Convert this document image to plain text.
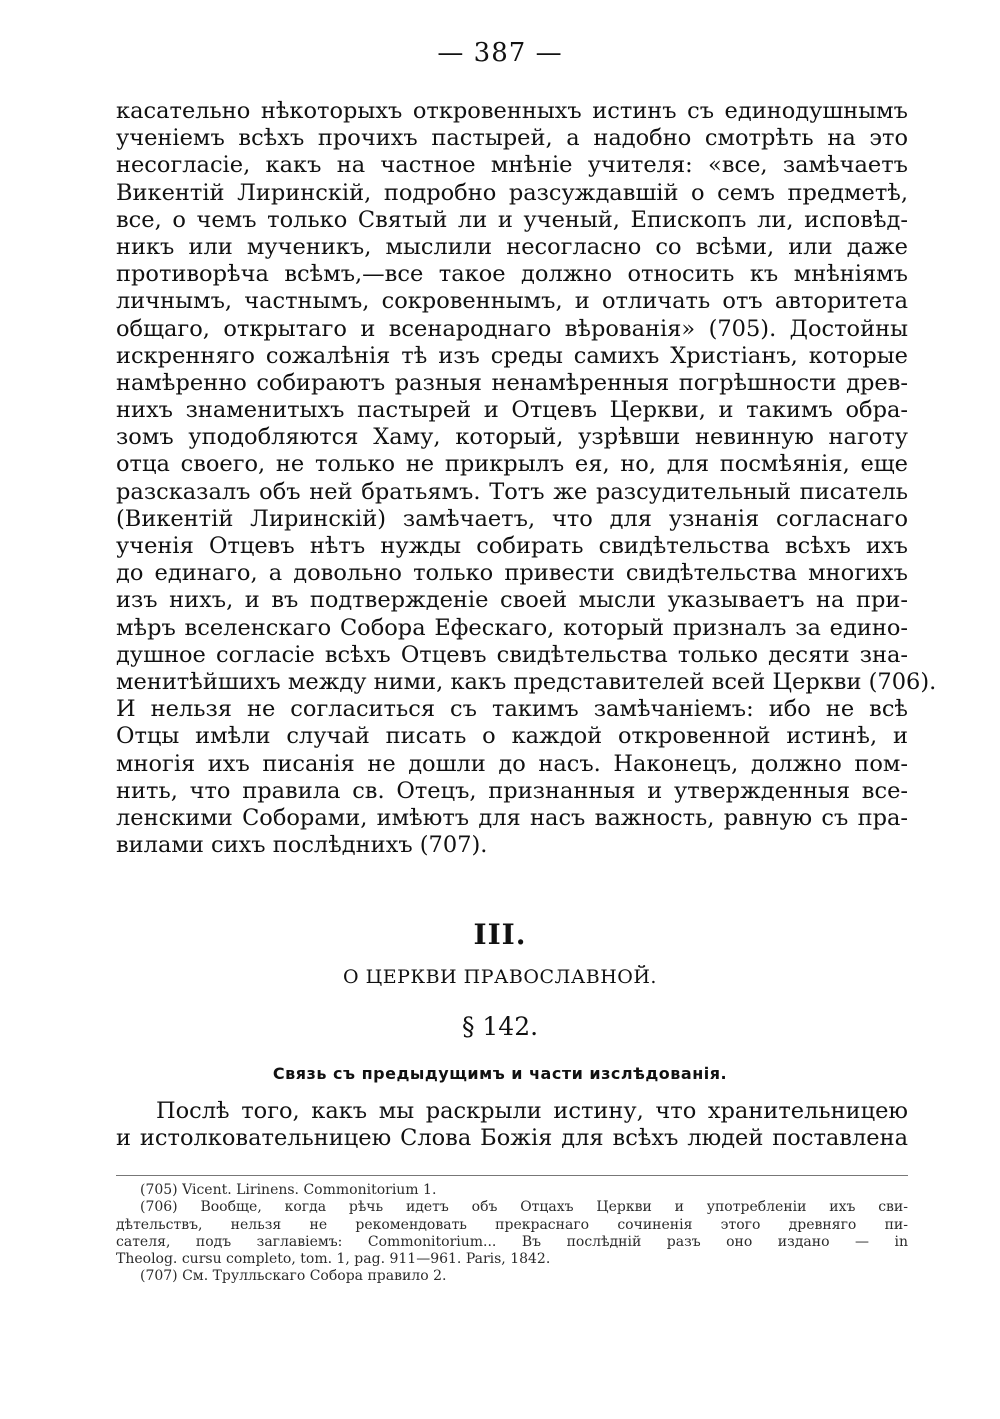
— 387 —
касательно нѣкоторыхъ откровенныхъ истинъ съ единодушнымъ
ученіемъ всѣхъ прочихъ пастырей, а надобно смотрѣть на это
несогласіе, какъ на частное мнѣніе учителя: «все, замѣчаетъ
Викентій Лиринскій, подробно разсуждавшій о семъ предметѣ,
все, о чемъ только Святый ли и ученый, Епископъ ли, исповѣд-
никъ или мученикъ, мыслили несогласно со всѣми, или даже
противорѣча всѣмъ,—все такое должно относить къ мнѣніямъ
личнымъ, частнымъ, сокровеннымъ, и отличать отъ авторитета
общаго, открытаго и всенароднаго вѣрованія» (705). Достойны
искренняго сожалѣнія тѣ изъ среды самихъ Христіанъ, которые
намѣренно собираютъ разныя ненамѣренныя погрѣшности древ-
нихъ знаменитыхъ пастырей и Отцевъ Церкви, и такимъ обра-
зомъ уподобляются Хаму, который, узрѣвши невинную наготу
отца своего, не только не прикрылъ ея, но, для посмѣянія, еще
разсказалъ объ ней братьямъ. Тотъ же разсудительный писатель
(Викентій Лиринскій) замѣчаетъ, что для узнанія согласнаго
ученія Отцевъ нѣтъ нужды собирать свидѣтельства всѣхъ ихъ
до единаго, а довольно только привести свидѣтельства многихъ
изъ нихъ, и въ подтвержденіе своей мысли указываетъ на при-
мѣръ вселенскаго Собора Ефескаго, который призналъ за едино-
душное согласіе всѣхъ Отцевъ свидѣтельства только десяти зна-
менитѣйшихъ между ними, какъ представителей всей Церкви (706).
И нельзя не согласиться съ такимъ замѣчаніемъ: ибо не всѣ
Отцы имѣли случай писать о каждой откровенной истинѣ, и
многія ихъ писанія не дошли до насъ. Наконецъ, должно пом-
нить, что правила св. Отецъ, признанныя и утвержденныя все-
ленскими Соборами, имѣютъ для насъ важность, равную съ пра-
вилами сихъ послѣднихъ (707).
III.
О ЦЕРКВИ ПРАВОСЛАВНОЙ.
§ 142.
Связь съ предыдущимъ и части изслѣдованія.
Послѣ того, какъ мы раскрыли истину, что хранительницею
и истолковательницею Слова Божія для всѣхъ людей поставлена
(705) Vicent. Lirinens. Commonitorium 1.
(706) Вообще, когда рѣчь идетъ объ Отцахъ Церкви и употребленіи ихъ сви-
дѣтельствъ, нельзя не рекомендовать прекраснаго сочиненія этого древняго пи-
сателя, подъ заглавіемъ: Commonitorium... Въ послѣдній разъ оно издано — in
Theolog. cursu completo, tom. 1, pag. 911—961. Paris, 1842.
(707) См. Трулльскаго Собора правило 2.
